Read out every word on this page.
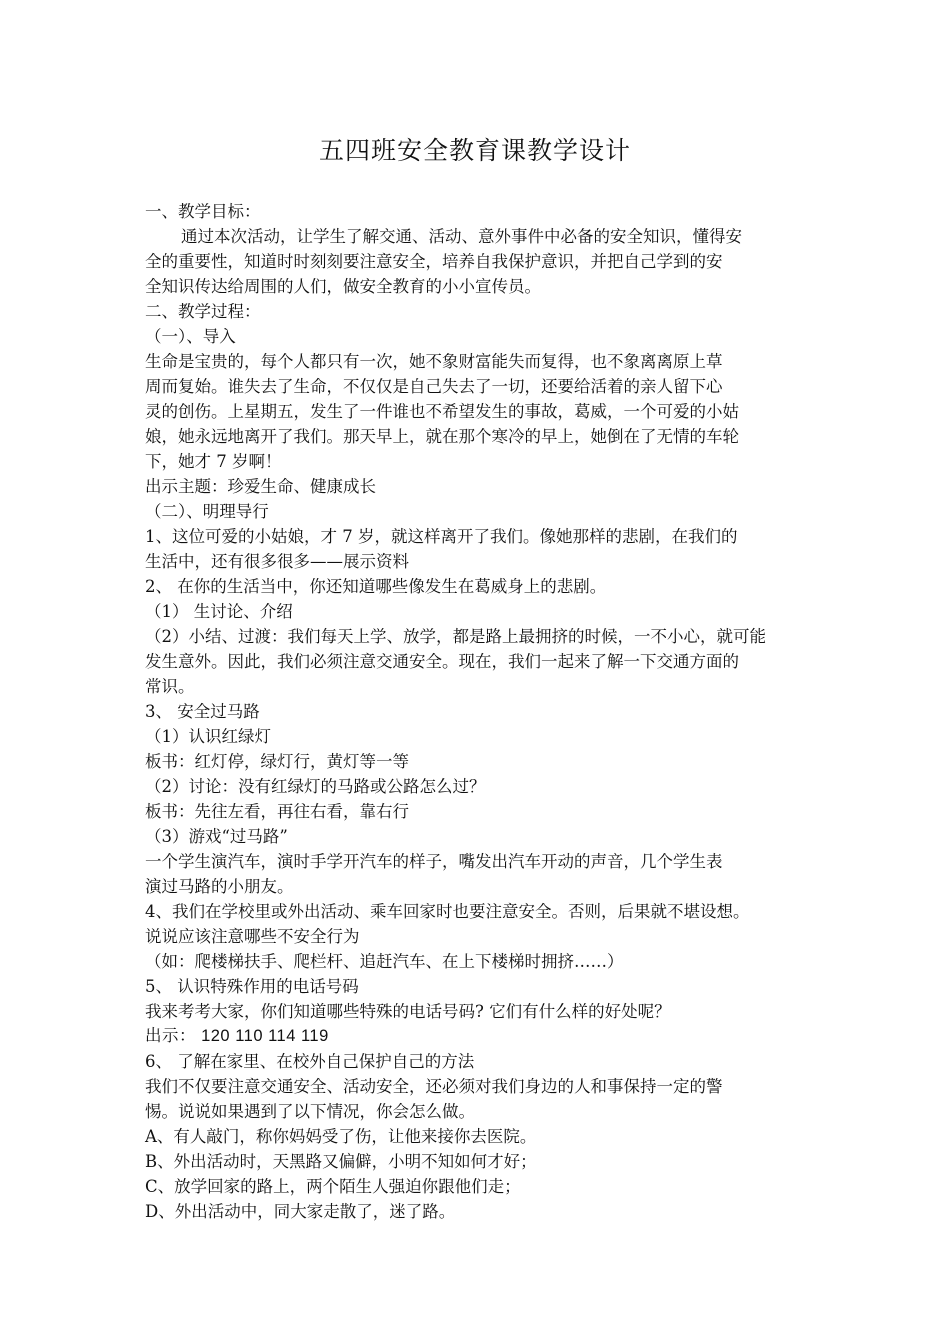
五四班安全教育课教学设计

一、教学目标：

通过本次活动，让学生了解交通、活动、意外事件中必备的安全知识，懂得安

全的重要性，知道时时刻刻要注意安全，培养自我保护意识，并把自己学到的安

全知识传达给周围的人们，做安全教育的小小宣传员。

二、教学过程：

（一）、导入

生命是宝贵的，每个人都只有一次，她不象财富能失而复得，也不象离离原上草

周而复始。谁失去了生命，不仅仅是自己失去了一切，还要给活着的亲人留下心

灵的创伤。上星期五，发生了一件谁也不希望发生的事故，葛威，一个可爱的小姑

娘，她永远地离开了我们。那天早上，就在那个寒冷的早上，她倒在了无情的车轮

下，她才 7 岁啊！

出示主题：珍爱生命、健康成长

（二）、明理导行

1、这位可爱的小姑娘，才 7 岁，就这样离开了我们。像她那样的悲剧，在我们的

生活中，还有很多很多——展示资料

2、 在你的生活当中，你还知道哪些像发生在葛威身上的悲剧。

（1） 生讨论、介绍

（2）小结、过渡：我们每天上学、放学，都是路上最拥挤的时候，一不小心，就可能

发生意外。因此，我们必须注意交通安全。现在，我们一起来了解一下交通方面的

常识。

3、 安全过马路

（1）认识红绿灯

板书：红灯停，绿灯行，黄灯等一等

（2）讨论：没有红绿灯的马路或公路怎么过？

板书：先往左看，再往右看，靠右行

（3）游戏“过马路”

一个学生演汽车，演时手学开汽车的样子，嘴发出汽车开动的声音，几个学生表

演过马路的小朋友。

4、我们在学校里或外出活动、乘车回家时也要注意安全。否则，后果就不堪设想。

说说应该注意哪些不安全行为

（如：爬楼梯扶手、爬栏杆、追赶汽车、在上下楼梯时拥挤……）

5、 认识特殊作用的电话号码

我来考考大家，你们知道哪些特殊的电话号码? 它们有什么样的好处呢？

出示： 120 110 114 119

6、 了解在家里、在校外自己保护自己的方法

我们不仅要注意交通安全、活动安全，还必须对我们身边的人和事保持一定的警

惕。说说如果遇到了以下情况，你会怎么做。

A、有人敲门，称你妈妈受了伤，让他来接你去医院。

B、外出活动时，天黑路又偏僻，小明不知如何才好；

C、放学回家的路上，两个陌生人强迫你跟他们走；

D、外出活动中，同大家走散了，迷了路。
